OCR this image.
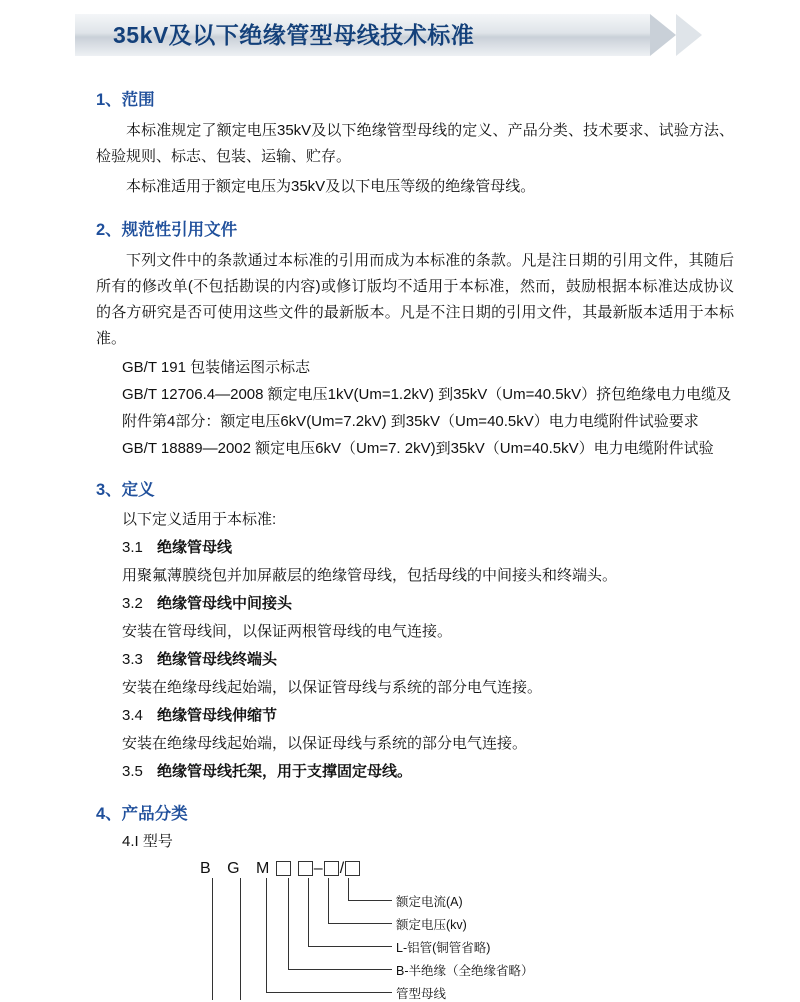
35kV及以下绝缘管型母线技术标准
1、范围

本标准规定了额定电压35kV及以下绝缘管型母线的定义、产品分类、技术要求、试验方法、检验规则、标志、包装、运输、贮存。

本标准适用于额定电压为35kV及以下电压等级的绝缘管母线。

2、规范性引用文件

下列文件中的条款通过本标准的引用而成为本标准的条款。凡是注日期的引用文件，其随后所有的修改单(不包括勘误的内容)或修订版均不适用于本标准，然而，鼓励根据本标准达成协议的各方研究是否可使用这些文件的最新版本。凡是不注日期的引用文件，其最新版本适用于本标准。

GB/T 191 包装储运图示标志
GB/T 12706.4—2008 额定电压1kV(Um=1.2kV) 到35kV（Um=40.5kV）挤包绝缘电力电缆及附件第4部分：额定电压6kV(Um=7.2kV) 到35kV（Um=40.5kV）电力电缆附件试验要求
GB/T 18889—2002 额定电压6kV（Um=7. 2kV)到35kV（Um=40.5kV）电力电缆附件试验
3、定义
以下定义适用于本标准:
3.1 绝缘管母线
用聚氟薄膜绕包并加屏蔽层的绝缘管母线，包括母线的中间接头和终端头。
3.2 绝缘管母线中间接头
安装在管母线间，以保证两根管母线的电气连接。
3.3 绝缘管母线终端头
安装在绝缘母线起始端，以保证管母线与系统的部分电气连接。
3.4 绝缘管母线伸缩节
安装在绝缘母线起始端，以保证母线与系统的部分电气连接。
3.5 绝缘管母线托架，用于支撑固定母线。
4、产品分类
4.I 型号
B G M – /
额定电流(A)
额定电压(kv)
L-铝管(铜管省略)
B-半绝缘（全绝缘省略）
管型母线
